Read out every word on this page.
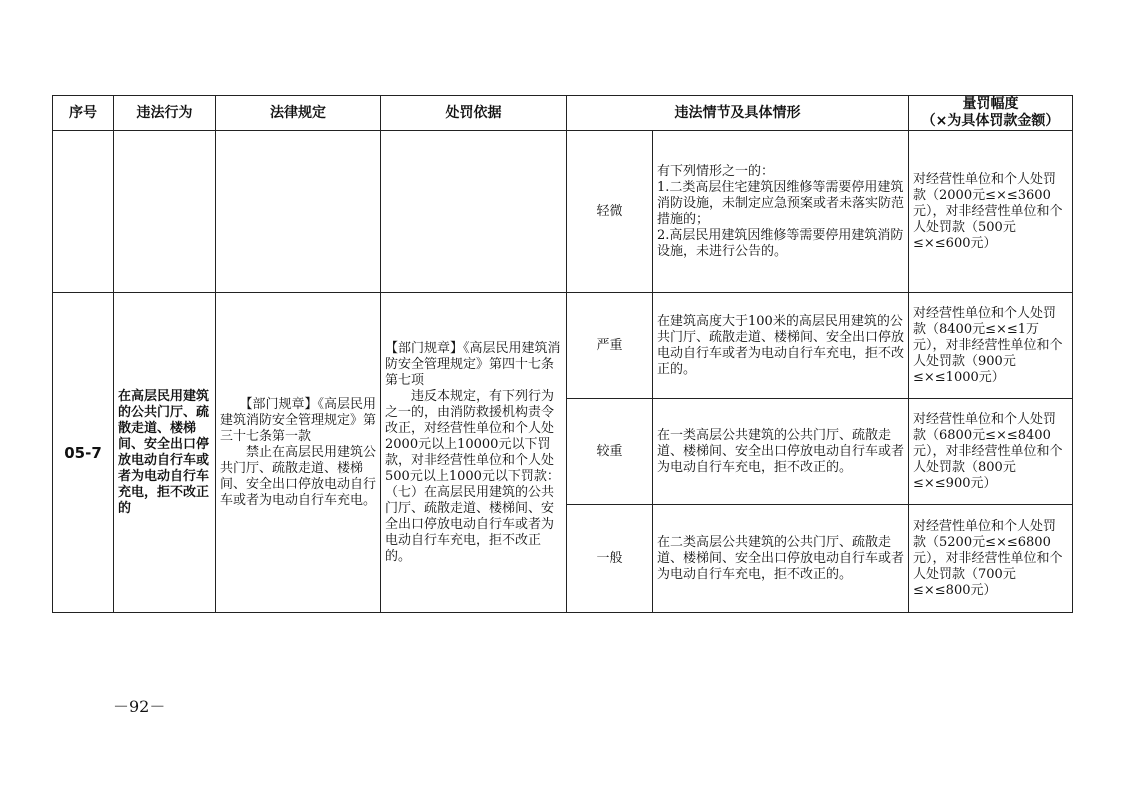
序号	违法行为	法律规定	处罚依据	违法情节及具体情形		量罚幅度
（×为具体罚款金额）
				轻微	有下列情形之一的：
1.二类高层住宅建筑因维修等需要停用建筑消防设施，未制定应急预案或者未落实防范措施的；
2.高层民用建筑因维修等需要停用建筑消防设施，未进行公告的。	对经营性单位和个人处罚款（2000元≤×≤3600元），对非经营性单位和个人处罚款（500元≤×≤600元）
05-7	在高层民用建筑的公共门厅、疏散走道、楼梯间、安全出口停放电动自行车或者为电动自行车充电，拒不改正的	　　【部门规章】《高层民用建筑消防安全管理规定》第三十七条第一款
　　禁止在高层民用建筑公共门厅、疏散走道、楼梯间、安全出口停放电动自行车或者为电动自行车充电。	【部门规章】《高层民用建筑消防安全管理规定》第四十七条第七项
　　违反本规定，有下列行为之一的，由消防救援机构责令改正，对经营性单位和个人处2000元以上10000元以下罚款，对非经营性单位和个人处500元以上1000元以下罚款：（七）在高层民用建筑的公共门厅、疏散走道、楼梯间、安全出口停放电动自行车或者为电动自行车充电，拒不改正的。	严重	在建筑高度大于100米的高层民用建筑的公共门厅、疏散走道、楼梯间、安全出口停放电动自行车或者为电动自行车充电，拒不改正的。	对经营性单位和个人处罚款（8400元≤×≤1万元），对非经营性单位和个人处罚款（900元≤×≤1000元）
				较重	在一类高层公共建筑的公共门厅、疏散走道、楼梯间、安全出口停放电动自行车或者为电动自行车充电，拒不改正的。	对经营性单位和个人处罚款（6800元≤×≤8400元），对非经营性单位和个人处罚款（800元≤×≤900元）
				一般	在二类高层公共建筑的公共门厅、疏散走道、楼梯间、安全出口停放电动自行车或者为电动自行车充电，拒不改正的。	对经营性单位和个人处罚款（5200元≤×≤6800元），对非经营性单位和个人处罚款（700元≤×≤800元）
－92－
